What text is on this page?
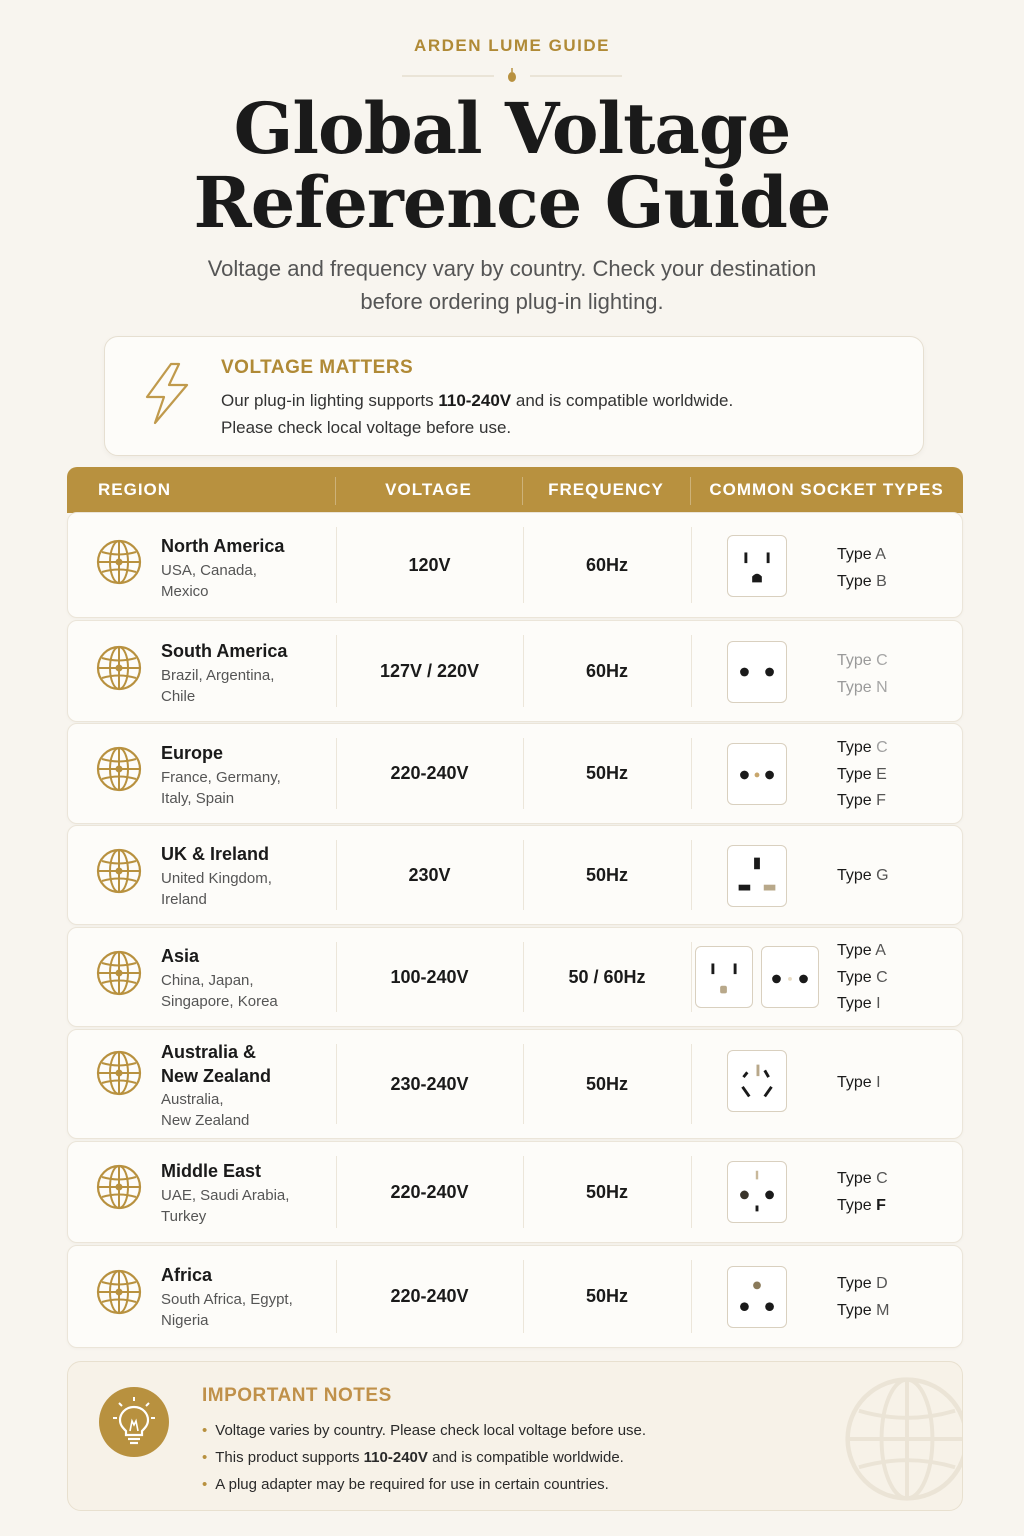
ARDEN LUME GUIDE
Global Voltage
Reference Guide
Voltage and frequency vary by country. Check your destination
before ordering plug-in lighting.
VOLTAGE MATTERS
Our plug-in lighting supports 110-240V and is compatible worldwide.
Please check local voltage before use.
REGION	VOLTAGE	FREQUENCY	COMMON SOCKET TYPES
North America
USA, Canada,
Mexico
120V	60Hz	Type A
Type B
South America
Brazil, Argentina,
Chile
127V / 220V	60Hz	Type C
Type N
Europe
France, Germany,
Italy, Spain
220-240V	50Hz
Type C
Type E
Type F
UK & Ireland
United Kingdom,
Ireland
230V	50Hz	Type G
Asia
China, Japan,
Singapore, Korea
100-240V	50 / 60Hz
Type A
Type C
Type I
Australia &
New Zealand
Australia,
New Zealand
230-240V	50Hz	Type I
Middle East
UAE, Saudi Arabia,
Turkey
220-240V	50Hz
Type C
Type F
Africa
South Africa, Egypt,
Nigeria
220-240V	50Hz
Type D
Type M
IMPORTANT NOTES
• Voltage varies by country. Please check local voltage before use.
• This product supports 110-240V and is compatible worldwide.
• A plug adapter may be required for use in certain countries.
